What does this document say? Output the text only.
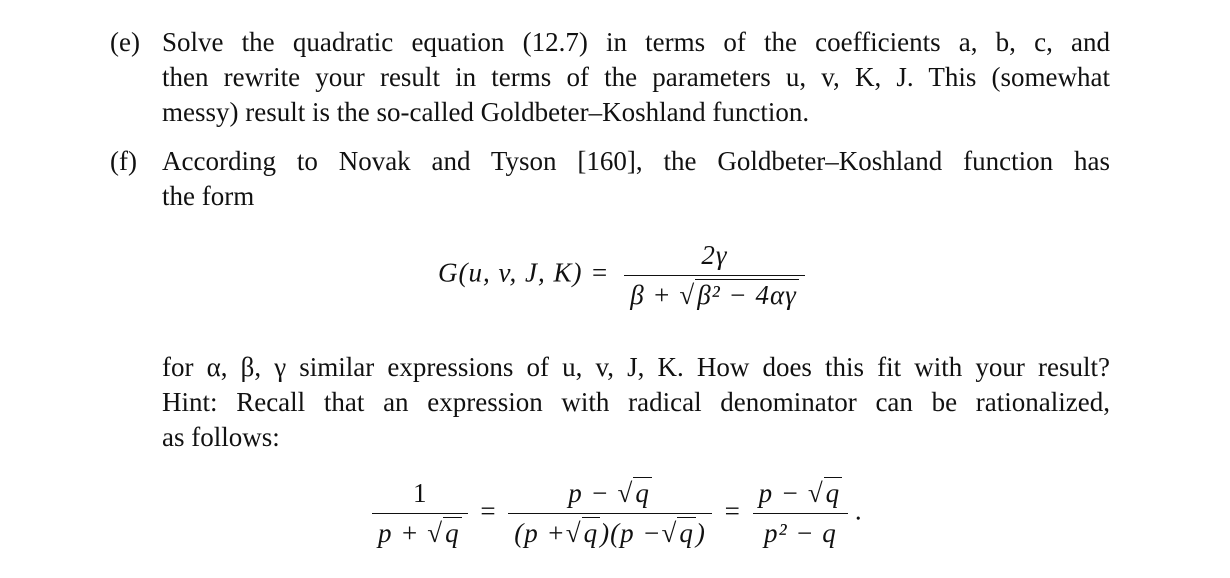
(e) Solve the quadratic equation (12.7) in terms of the coefficients a, b, c, and
then rewrite your result in terms of the parameters u, v, K, J. This (somewhat
messy) result is the so-called Goldbeter–Koshland function.
(f) According to Novak and Tyson [160], the Goldbeter–Koshland function has
the form
G(u, v, J, $K) = \frac{2\gamma}{\text{β + √β² − 4αγ}}$
for α, β, γ similar expressions of u, v, J, K. How does this fit with your result?
Hint: Recall that an expression with radical denominator can be rationalized,
as follows:
$\frac{1}{p + √q} = \frac{p - √q}{(p +√q)(p -√q)} = \frac{p - √q}{\text{p² − q}}$ .
